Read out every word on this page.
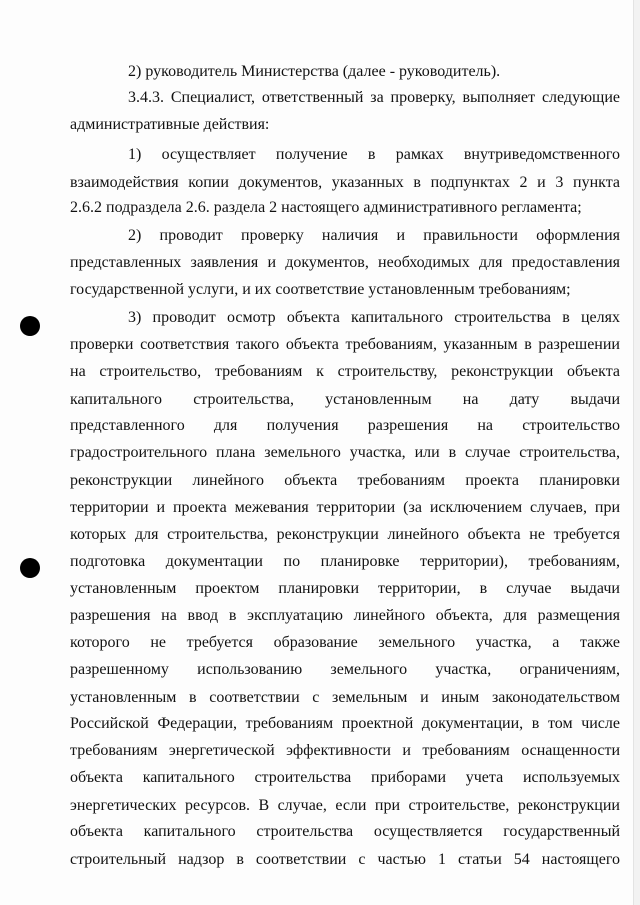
2) руководитель Министерства (далее - руководитель).
3.4.3. Специалист, ответственный за проверку, выполняет следующие
административные действия:
1) осуществляет получение в рамках внутриведомственного
взаимодействия копии документов, указанных в подпунктах 2 и 3 пункта
2.6.2 подраздела 2.6. раздела 2 настоящего административного регламента;
2) проводит проверку наличия и правильности оформления
представленных заявления и документов, необходимых для предоставления
государственной услуги, и их соответствие установленным требованиям;
3) проводит осмотр объекта капитального строительства в целях
проверки соответствия такого объекта требованиям, указанным в разрешении
на строительство, требованиям к строительству, реконструкции объекта
капитального строительства, установленным на дату выдачи
представленного для получения разрешения на строительство
градостроительного плана земельного участка, или в случае строительства,
реконструкции линейного объекта требованиям проекта планировки
территории и проекта межевания территории (за исключением случаев, при
которых для строительства, реконструкции линейного объекта не требуется
подготовка документации по планировке территории), требованиям,
установленным проектом планировки территории, в случае выдачи
разрешения на ввод в эксплуатацию линейного объекта, для размещения
которого не требуется образование земельного участка, а также
разрешенному использованию земельного участка, ограничениям,
установленным в соответствии с земельным и иным законодательством
Российской Федерации, требованиям проектной документации, в том числе
требованиям энергетической эффективности и требованиям оснащенности
объекта капитального строительства приборами учета используемых
энергетических ресурсов. В случае, если при строительстве, реконструкции
объекта капитального строительства осуществляется государственный
строительный надзор в соответствии с частью 1 статьи 54 настоящего
